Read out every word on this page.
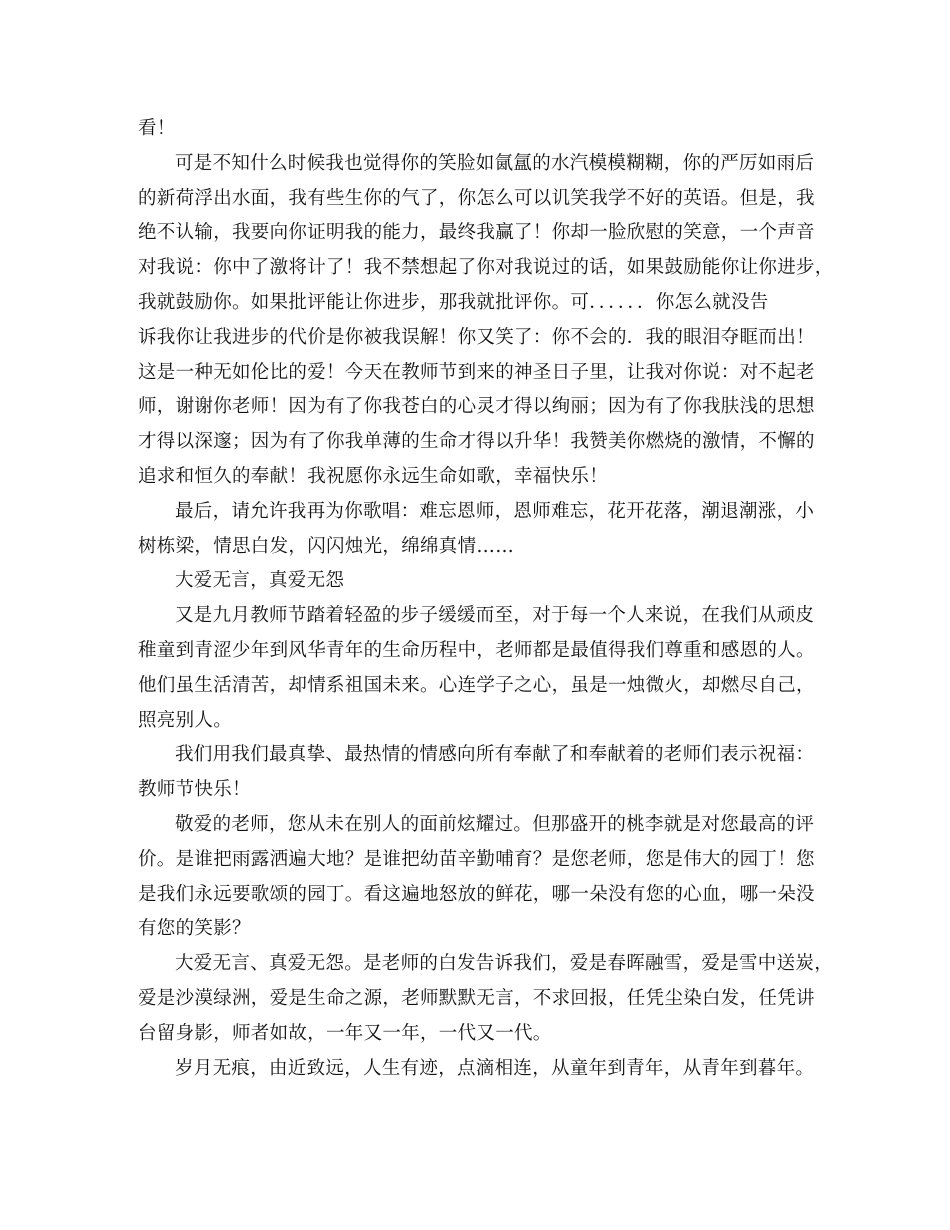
看！

可是不知什么时候我也觉得你的笑脸如氤氲的水汽模模糊糊，你的严厉如雨后
的新荷浮出水面，我有些生你的气了，你怎么可以讥笑我学不好的英语。但是，我
绝不认输，我要向你证明我的能力，最终我赢了！你却一脸欣慰的笑意，一个声音
对我说：你中了激将计了！我不禁想起了你对我说过的话，如果鼓励能你让你进步，
我就鼓励你。如果批评能让你进步，那我就批评你。可．．．．．．你怎么就没告
诉我你让我进步的代价是你被我误解！你又笑了：你不会的．我的眼泪夺眶而出！
这是一种无如伦比的爱！今天在教师节到来的神圣日子里，让我对你说：对不起老
师，谢谢你老师！因为有了你我苍白的心灵才得以绚丽；因为有了你我肤浅的思想
才得以深邃；因为有了你我单薄的生命才得以升华！我赞美你燃烧的激情，不懈的
追求和恒久的奉献！我祝愿你永远生命如歌，幸福快乐！

最后，请允许我再为你歌唱：难忘恩师，恩师难忘，花开花落，潮退潮涨，小
树栋梁，情思白发，闪闪烛光，绵绵真情……

大爱无言，真爱无怨

又是九月教师节踏着轻盈的步子缓缓而至，对于每一个人来说，在我们从顽皮
稚童到青涩少年到风华青年的生命历程中，老师都是最值得我们尊重和感恩的人。
他们虽生活清苦，却情系祖国未来。心连学子之心，虽是一烛微火，却燃尽自己，
照亮别人。

我们用我们最真挚、最热情的情感向所有奉献了和奉献着的老师们表示祝福：
教师节快乐！

敬爱的老师，您从未在别人的面前炫耀过。但那盛开的桃李就是对您最高的评
价。是谁把雨露洒遍大地？是谁把幼苗辛勤哺育？是您老师，您是伟大的园丁！您
是我们永远要歌颂的园丁。看这遍地怒放的鲜花，哪一朵没有您的心血，哪一朵没
有您的笑影？

大爱无言、真爱无怨。是老师的白发告诉我们，爱是春晖融雪，爱是雪中送炭，
爱是沙漠绿洲，爱是生命之源，老师默默无言，不求回报，任凭尘染白发，任凭讲
台留身影，师者如故，一年又一年，一代又一代。

岁月无痕，由近致远，人生有迹，点滴相连，从童年到青年，从青年到暮年。
